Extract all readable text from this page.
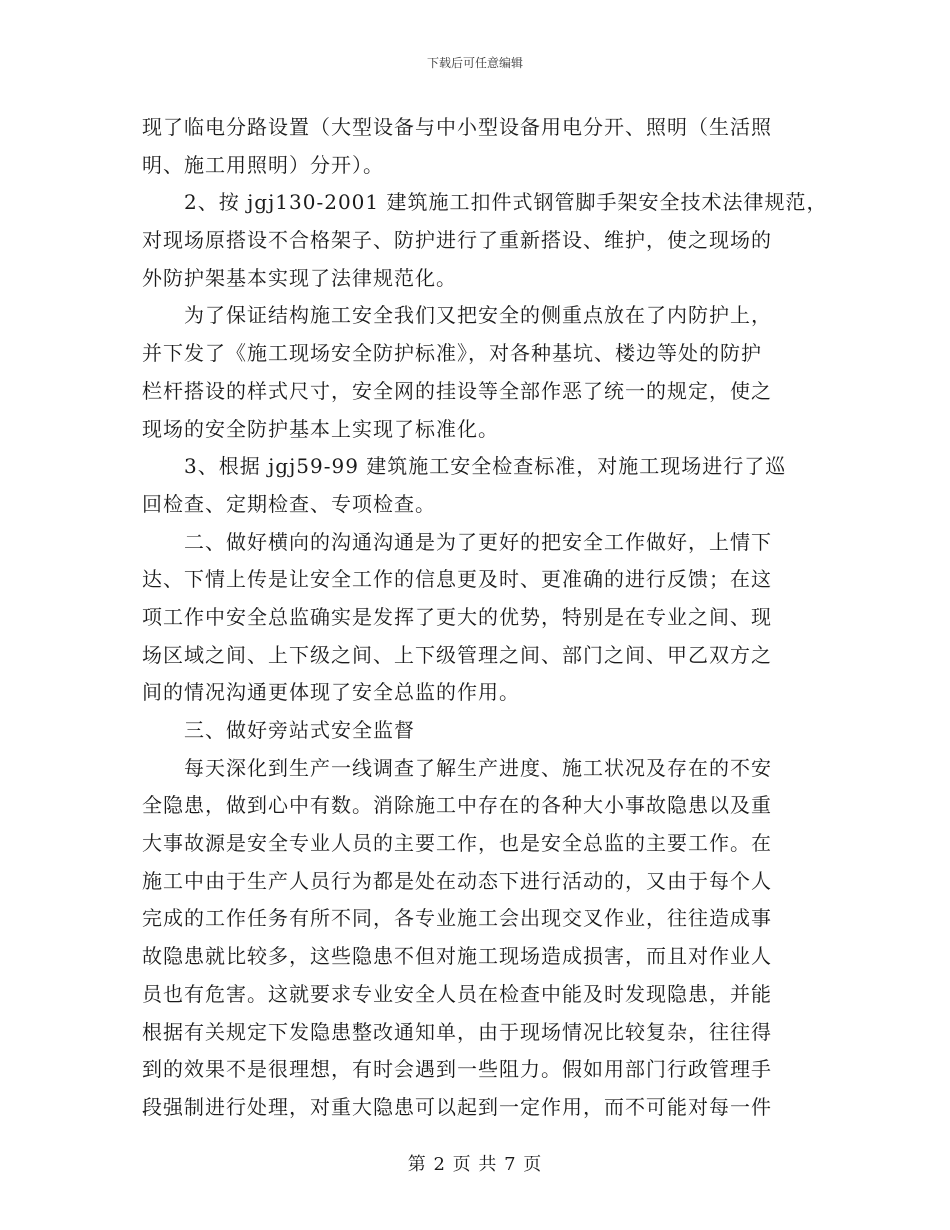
下载后可任意编辑
现了临电分路设置（大型设备与中小型设备用电分开、照明（生活照
明、施工用照明）分开）。
　　2、按 jgj130-2001 建筑施工扣件式钢管脚手架安全技术法律规范，
对现场原搭设不合格架子、防护进行了重新搭设、维护，使之现场的
外防护架基本实现了法律规范化。
　　为了保证结构施工安全我们又把安全的侧重点放在了内防护上，
并下发了《施工现场安全防护标准》，对各种基坑、楼边等处的防护
栏杆搭设的样式尺寸，安全网的挂设等全部作恶了统一的规定，使之
现场的安全防护基本上实现了标准化。
　　3、根据 jgj59-99 建筑施工安全检查标准，对施工现场进行了巡
回检查、定期检查、专项检查。
　　二、做好横向的沟通沟通是为了更好的把安全工作做好，上情下
达、下情上传是让安全工作的信息更及时、更准确的进行反馈；在这
项工作中安全总监确实是发挥了更大的优势，特别是在专业之间、现
场区域之间、上下级之间、上下级管理之间、部门之间、甲乙双方之
间的情况沟通更体现了安全总监的作用。
　　三、做好旁站式安全监督
　　每天深化到生产一线调查了解生产进度、施工状况及存在的不安
全隐患，做到心中有数。消除施工中存在的各种大小事故隐患以及重
大事故源是安全专业人员的主要工作，也是安全总监的主要工作。在
施工中由于生产人员行为都是处在动态下进行活动的，又由于每个人
完成的工作任务有所不同，各专业施工会出现交叉作业，往往造成事
故隐患就比较多，这些隐患不但对施工现场造成损害，而且对作业人
员也有危害。这就要求专业安全人员在检查中能及时发现隐患，并能
根据有关规定下发隐患整改通知单，由于现场情况比较复杂，往往得
到的效果不是很理想，有时会遇到一些阻力。假如用部门行政管理手
段强制进行处理，对重大隐患可以起到一定作用，而不可能对每一件
第 2 页 共 7 页
